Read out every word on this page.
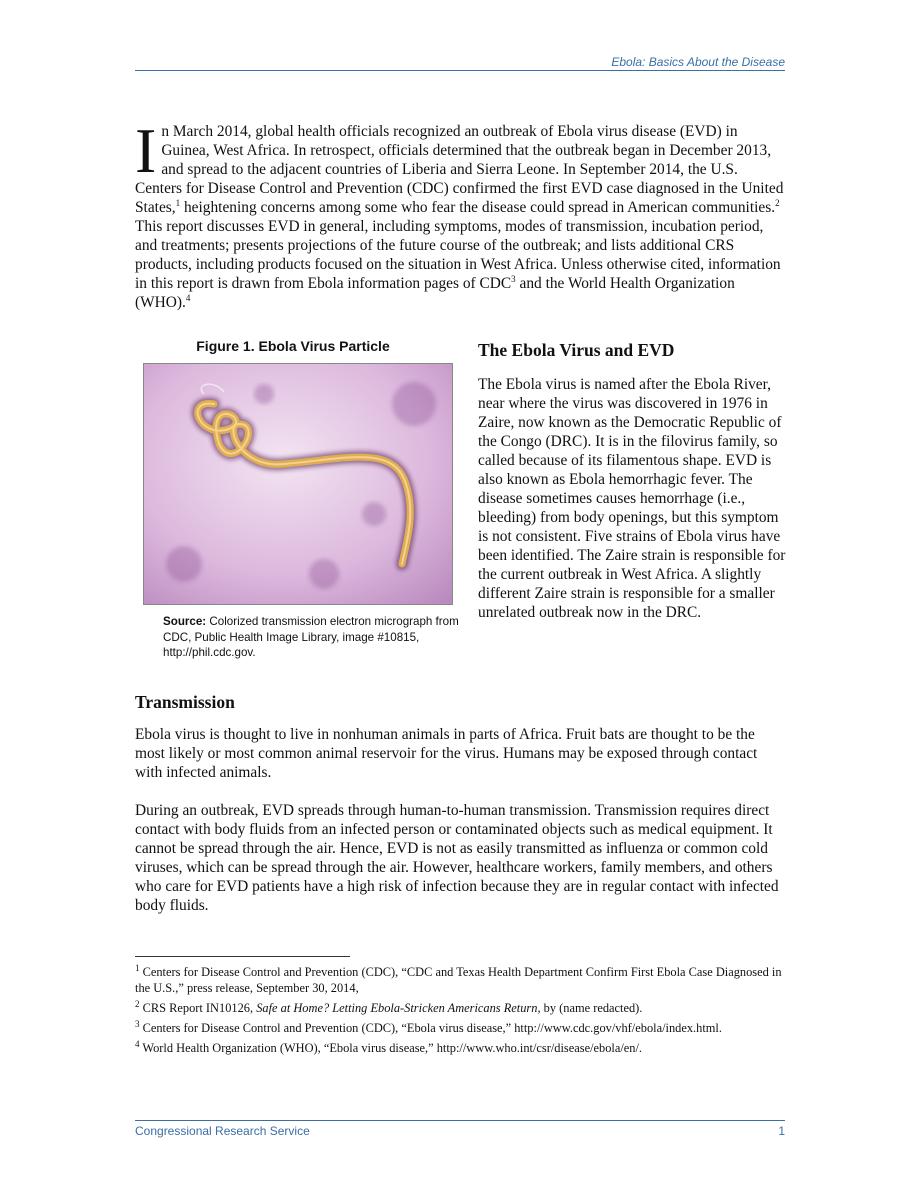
Ebola: Basics About the Disease
In March 2014, global health officials recognized an outbreak of Ebola virus disease (EVD) in Guinea, West Africa. In retrospect, officials determined that the outbreak began in December 2013, and spread to the adjacent countries of Liberia and Sierra Leone. In September 2014, the U.S. Centers for Disease Control and Prevention (CDC) confirmed the first EVD case diagnosed in the United States,$^1$ heightening concerns among some who fear the disease could spread in American communities.$^2$ This report discusses EVD in general, including symptoms, modes of transmission, incubation period, and treatments; presents projections of the future course of the outbreak; and lists additional CRS products, including products focused on the situation in West Africa. Unless otherwise cited, information in this report is drawn from Ebola information pages of CDC$^3$ and the World Health Organization (WHO).$^4$
Figure 1. Ebola Virus Particle
Source: Colorized transmission electron micrograph from CDC, Public Health Image Library, image #10815, http://phil.cdc.gov.
The Ebola Virus and EVD

The Ebola virus is named after the Ebola River, near where the virus was discovered in 1976 in Zaire, now known as the Democratic Republic of the Congo (DRC). It is in the filovirus family, so called because of its filamentous shape. EVD is also known as Ebola hemorrhagic fever. The disease sometimes causes hemorrhage (i.e., bleeding) from body openings, but this symptom is not consistent. Five strains of Ebola virus have been identified. The Zaire strain is responsible for the current outbreak in West Africa. A slightly different Zaire strain is responsible for a smaller unrelated outbreak now in the DRC.

Transmission

Ebola virus is thought to live in nonhuman animals in parts of Africa. Fruit bats are thought to be the most likely or most common animal reservoir for the virus. Humans may be exposed through contact with infected animals.

During an outbreak, EVD spreads through human-to-human transmission. Transmission requires direct contact with body fluids from an infected person or contaminated objects such as medical equipment. It cannot be spread through the air. Hence, EVD is not as easily transmitted as influenza or common cold viruses, which can be spread through the air. However, healthcare workers, family members, and others who care for EVD patients have a high risk of infection because they are in regular contact with infected body fluids.

$^1$ Centers for Disease Control and Prevention (CDC), “CDC and Texas Health Department Confirm First Ebola Case Diagnosed in the U.S.,” press release, September 30, 2014,
$^2$ CRS Report IN10126, Safe at Home? Letting Ebola-Stricken Americans Return, by (name redacted).
$^3$ Centers for Disease Control and Prevention (CDC), “Ebola virus disease,” http://www.cdc.gov/vhf/ebola/index.html.
$^4$ World Health Organization (WHO), “Ebola virus disease,” http://www.who.int/csr/disease/ebola/en/.
Congressional Research Service	1
